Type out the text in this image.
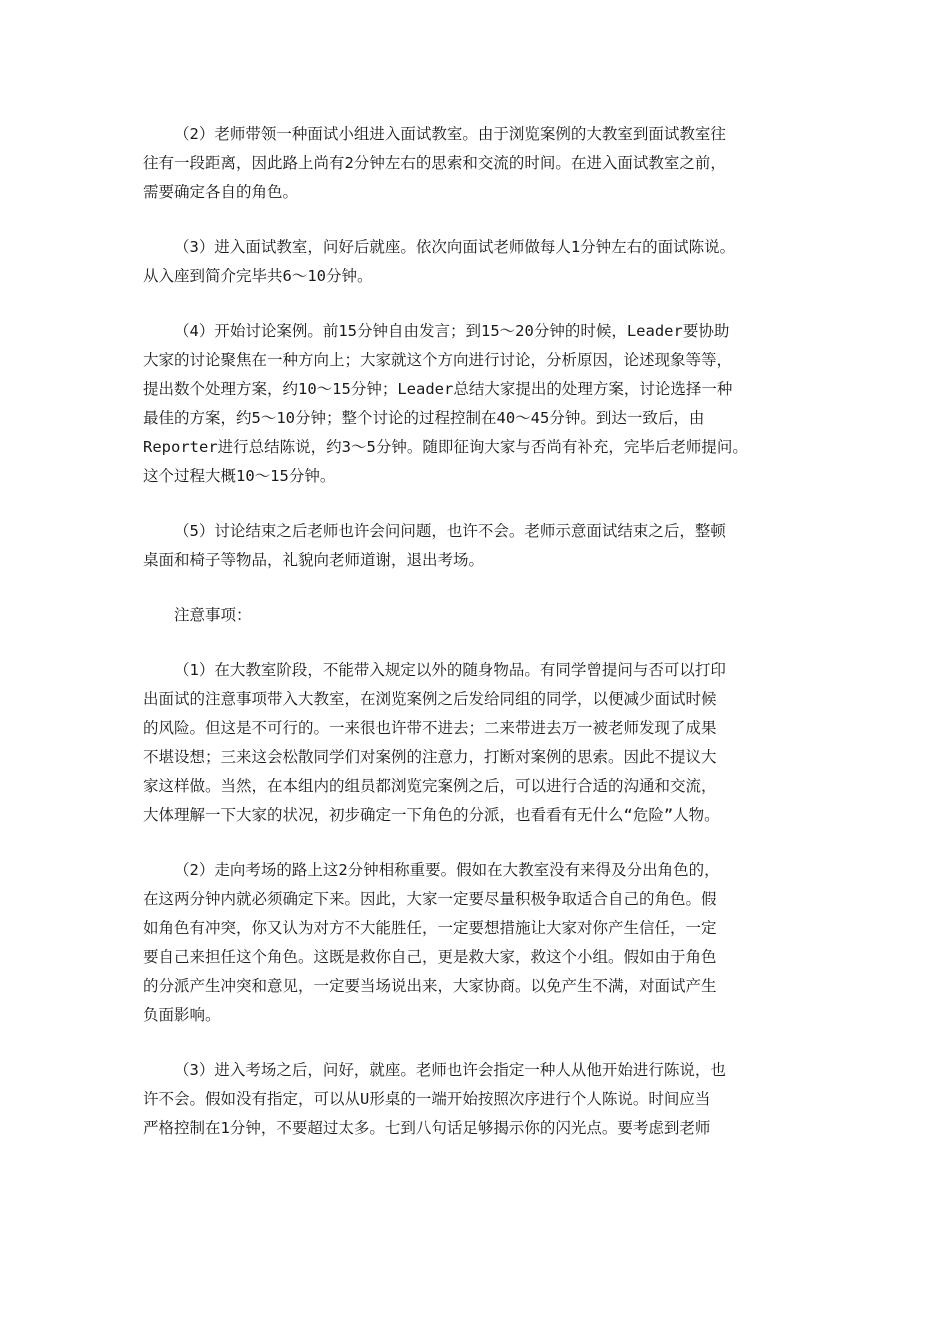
（2）老师带领一种面试小组进入面试教室。由于浏览案例的大教室到面试教室往
往有一段距离，因此路上尚有2分钟左右的思索和交流的时间。在进入面试教室之前，
需要确定各自的角色。
（3）进入面试教室，问好后就座。依次向面试老师做每人1分钟左右的面试陈说。
从入座到简介完毕共6～10分钟。
（4）开始讨论案例。前15分钟自由发言；到15～20分钟的时候，Leader要协助
大家的讨论聚焦在一种方向上；大家就这个方向进行讨论，分析原因，论述现象等等，
提出数个处理方案，约10～15分钟；Leader总结大家提出的处理方案，讨论选择一种
最佳的方案，约5～10分钟；整个讨论的过程控制在40～45分钟。到达一致后，由
Reporter进行总结陈说，约3～5分钟。随即征询大家与否尚有补充，完毕后老师提问。
这个过程大概10～15分钟。
（5）讨论结束之后老师也许会问问题，也许不会。老师示意面试结束之后，整顿
桌面和椅子等物品，礼貌向老师道谢，退出考场。
注意事项：
（1）在大教室阶段，不能带入规定以外的随身物品。有同学曾提问与否可以打印
出面试的注意事项带入大教室，在浏览案例之后发给同组的同学，以便减少面试时候
的风险。但这是不可行的。一来很也许带不进去；二来带进去万一被老师发现了成果
不堪设想；三来这会松散同学们对案例的注意力，打断对案例的思索。因此不提议大
家这样做。当然，在本组内的组员都浏览完案例之后，可以进行合适的沟通和交流，
大体理解一下大家的状况，初步确定一下角色的分派，也看看有无什么“危险”人物。
（2）走向考场的路上这2分钟相称重要。假如在大教室没有来得及分出角色的，
在这两分钟内就必须确定下来。因此，大家一定要尽量积极争取适合自己的角色。假
如角色有冲突，你又认为对方不大能胜任，一定要想措施让大家对你产生信任，一定
要自己来担任这个角色。这既是救你自己，更是救大家，救这个小组。假如由于角色
的分派产生冲突和意见，一定要当场说出来，大家协商。以免产生不满，对面试产生
负面影响。
（3）进入考场之后，问好，就座。老师也许会指定一种人从他开始进行陈说，也
许不会。假如没有指定，可以从U形桌的一端开始按照次序进行个人陈说。时间应当
严格控制在1分钟，不要超过太多。七到八句话足够揭示你的闪光点。要考虑到老师
